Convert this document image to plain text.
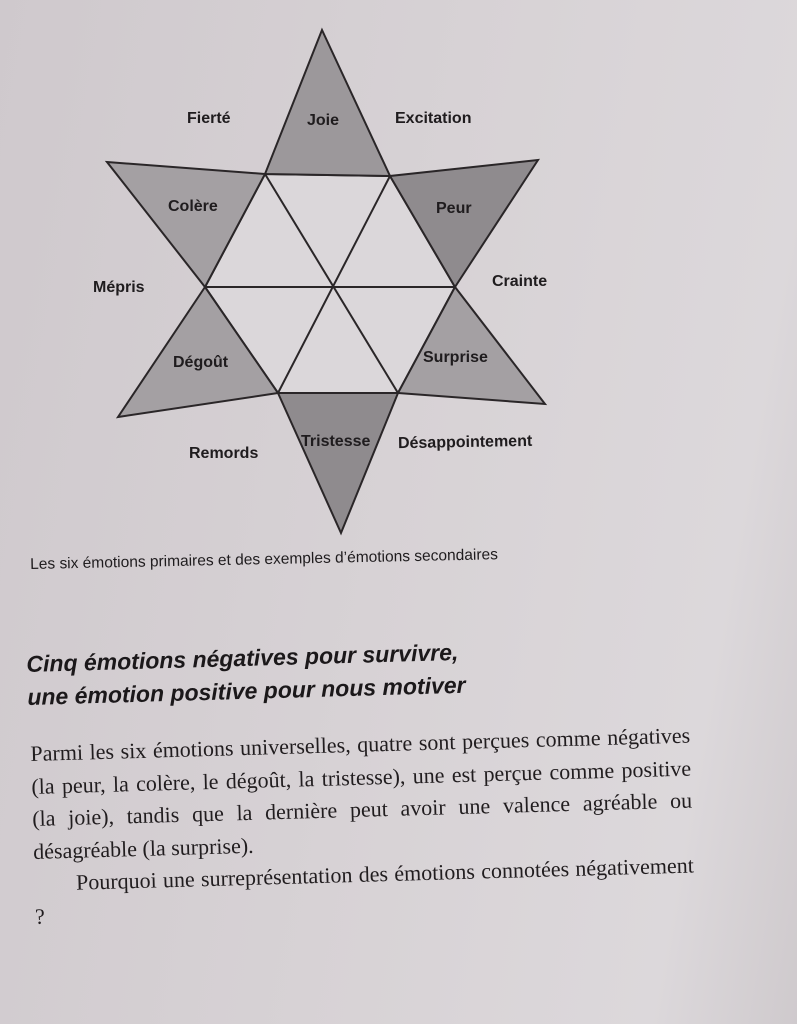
Joie
Peur
Surprise
Tristesse
Dégoût
Colère
Fierté	Excitation
Crainte
Désappointement
Remords
Mépris
Les six émotions primaires et des exemples d’émotions secondaires
Cinq émotions négatives pour survivre,
une émotion positive pour nous motiver

Parmi les six émotions universelles, quatre sont perçues comme négatives (la peur, la colère, le dégoût, la tristesse), une est perçue comme positive (la joie), tandis que la dernière peut avoir une valence agréable ou désagréable (la surprise).

Pourquoi une surreprésentation des émotions connotées négativement ?
